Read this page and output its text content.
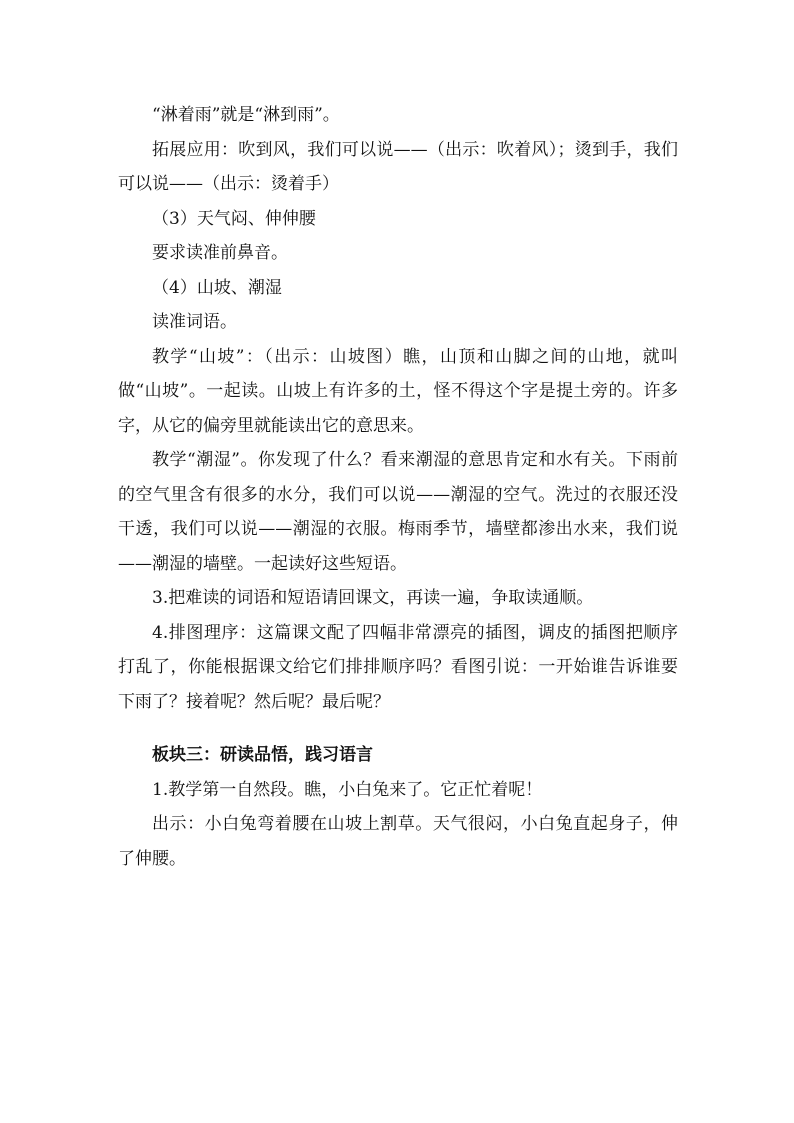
“淋着雨”就是“淋到雨”。

拓展应用：吹到风，我们可以说——（出示：吹着风）；烫到手，我们可以说——（出示：烫着手）

（3）天气闷、伸伸腰

要求读准前鼻音。

（4）山坡、潮湿

读准词语。

教学“山坡”：（出示：山坡图）瞧，山顶和山脚之间的山地，就叫做“山坡”。一起读。山坡上有许多的土，怪不得这个字是提土旁的。许多字，从它的偏旁里就能读出它的意思来。

教学“潮湿”。你发现了什么？看来潮湿的意思肯定和水有关。下雨前的空气里含有很多的水分，我们可以说——潮湿的空气。洗过的衣服还没干透，我们可以说——潮湿的衣服。梅雨季节，墙壁都渗出水来，我们说——潮湿的墙壁。一起读好这些短语。

3.把难读的词语和短语请回课文，再读一遍，争取读通顺。

4.排图理序：这篇课文配了四幅非常漂亮的插图，调皮的插图把顺序打乱了，你能根据课文给它们排排顺序吗？看图引说：一开始谁告诉谁要下雨了？接着呢？然后呢？最后呢？

板块三：研读品悟，践习语言

1.教学第一自然段。瞧，小白兔来了。它正忙着呢！

出示：小白兔弯着腰在山坡上割草。天气很闷，小白兔直起身子，伸了伸腰。
